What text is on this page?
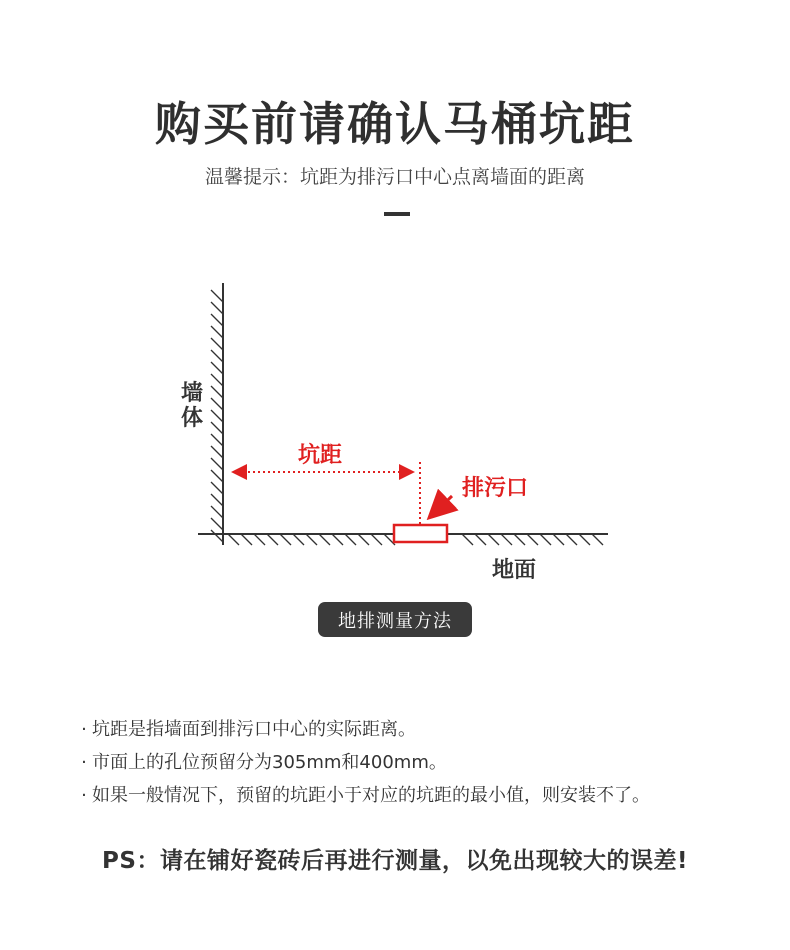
购买前请确认马桶坑距
温馨提示：坑距为排污口中心点离墙面的距离
墙
体
坑距
排污口
地面
地排测量方法
· 坑距是指墙面到排污口中心的实际距离。
· 市面上的孔位预留分为305mm和400mm。
· 如果一般情况下，预留的坑距小于对应的坑距的最小值，则安装不了。
PS：请在铺好瓷砖后再进行测量，以免出现较大的误差!
